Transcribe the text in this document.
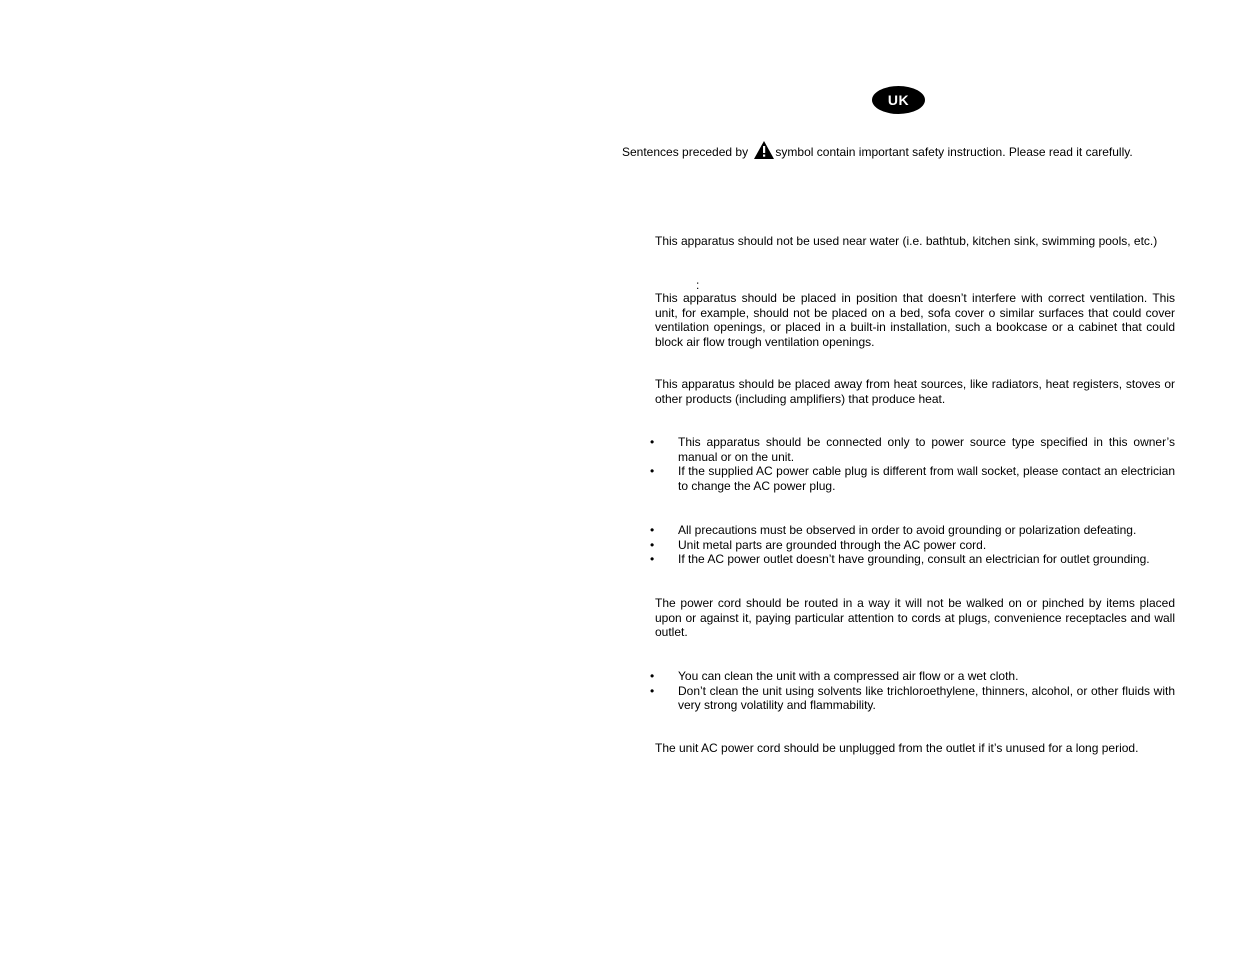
UK
Sentences preceded by symbol contain important safety instruction. Please read it carefully.
This apparatus should not be used near water (i.e. bathtub, kitchen sink, swimming pools, etc.)
:
This apparatus should be placed in position that doesn’t interfere with correct ventilation. This unit, for example, should not be placed on a bed, sofa cover o similar surfaces that could cover ventilation openings, or placed in a built-in installation, such a bookcase or a cabinet that could block air flow trough ventilation openings.
This apparatus should be placed away from heat sources, like radiators, heat registers, stoves or other products (including amplifiers) that produce heat.
• This apparatus should be connected only to power source type specified in this owner’s manual or on the unit.
• If the supplied AC power cable plug is different from wall socket, please contact an electrician to change the AC power plug.
• All precautions must be observed in order to avoid grounding or polarization defeating.
• Unit metal parts are grounded through the AC power cord.
• If the AC power outlet doesn’t have grounding, consult an electrician for outlet grounding.
The power cord should be routed in a way it will not be walked on or pinched by items placed upon or against it, paying particular attention to cords at plugs, convenience receptacles and wall outlet.
• You can clean the unit with a compressed air flow or a wet cloth.
• Don’t clean the unit using solvents like trichloroethylene, thinners, alcohol, or other fluids with very strong volatility and flammability.
The unit AC power cord should be unplugged from the outlet if it’s unused for a long period.
